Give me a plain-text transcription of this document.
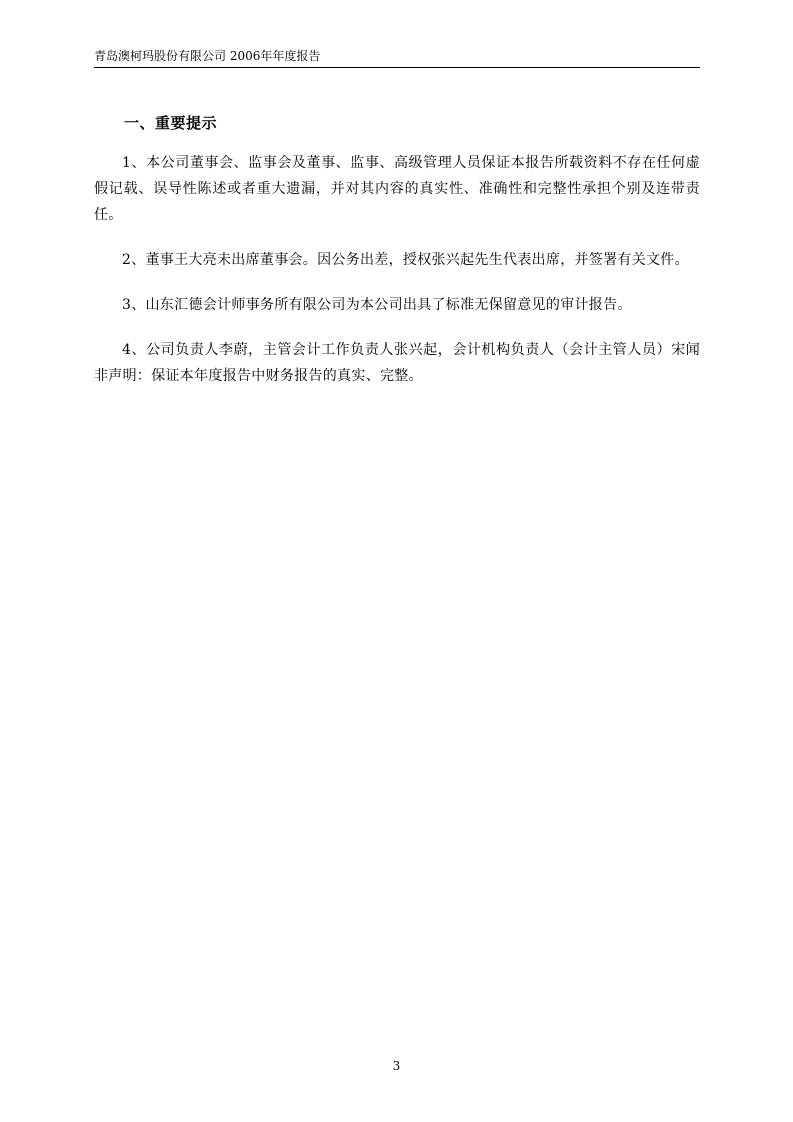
青岛澳柯玛股份有限公司 2006年年度报告
一、重要提示

1、本公司董事会、监事会及董事、监事、高级管理人员保证本报告所载资料不存在任何虚假记载、误导性陈述或者重大遗漏，并对其内容的真实性、准确性和完整性承担个别及连带责任。

2、董事王大亮未出席董事会。因公务出差，授权张兴起先生代表出席，并签署有关文件。

3、山东汇德会计师事务所有限公司为本公司出具了标准无保留意见的审计报告。

4、公司负责人李蔚，主管会计工作负责人张兴起，会计机构负责人（会计主管人员）宋闻非声明：保证本年度报告中财务报告的真实、完整。

3
